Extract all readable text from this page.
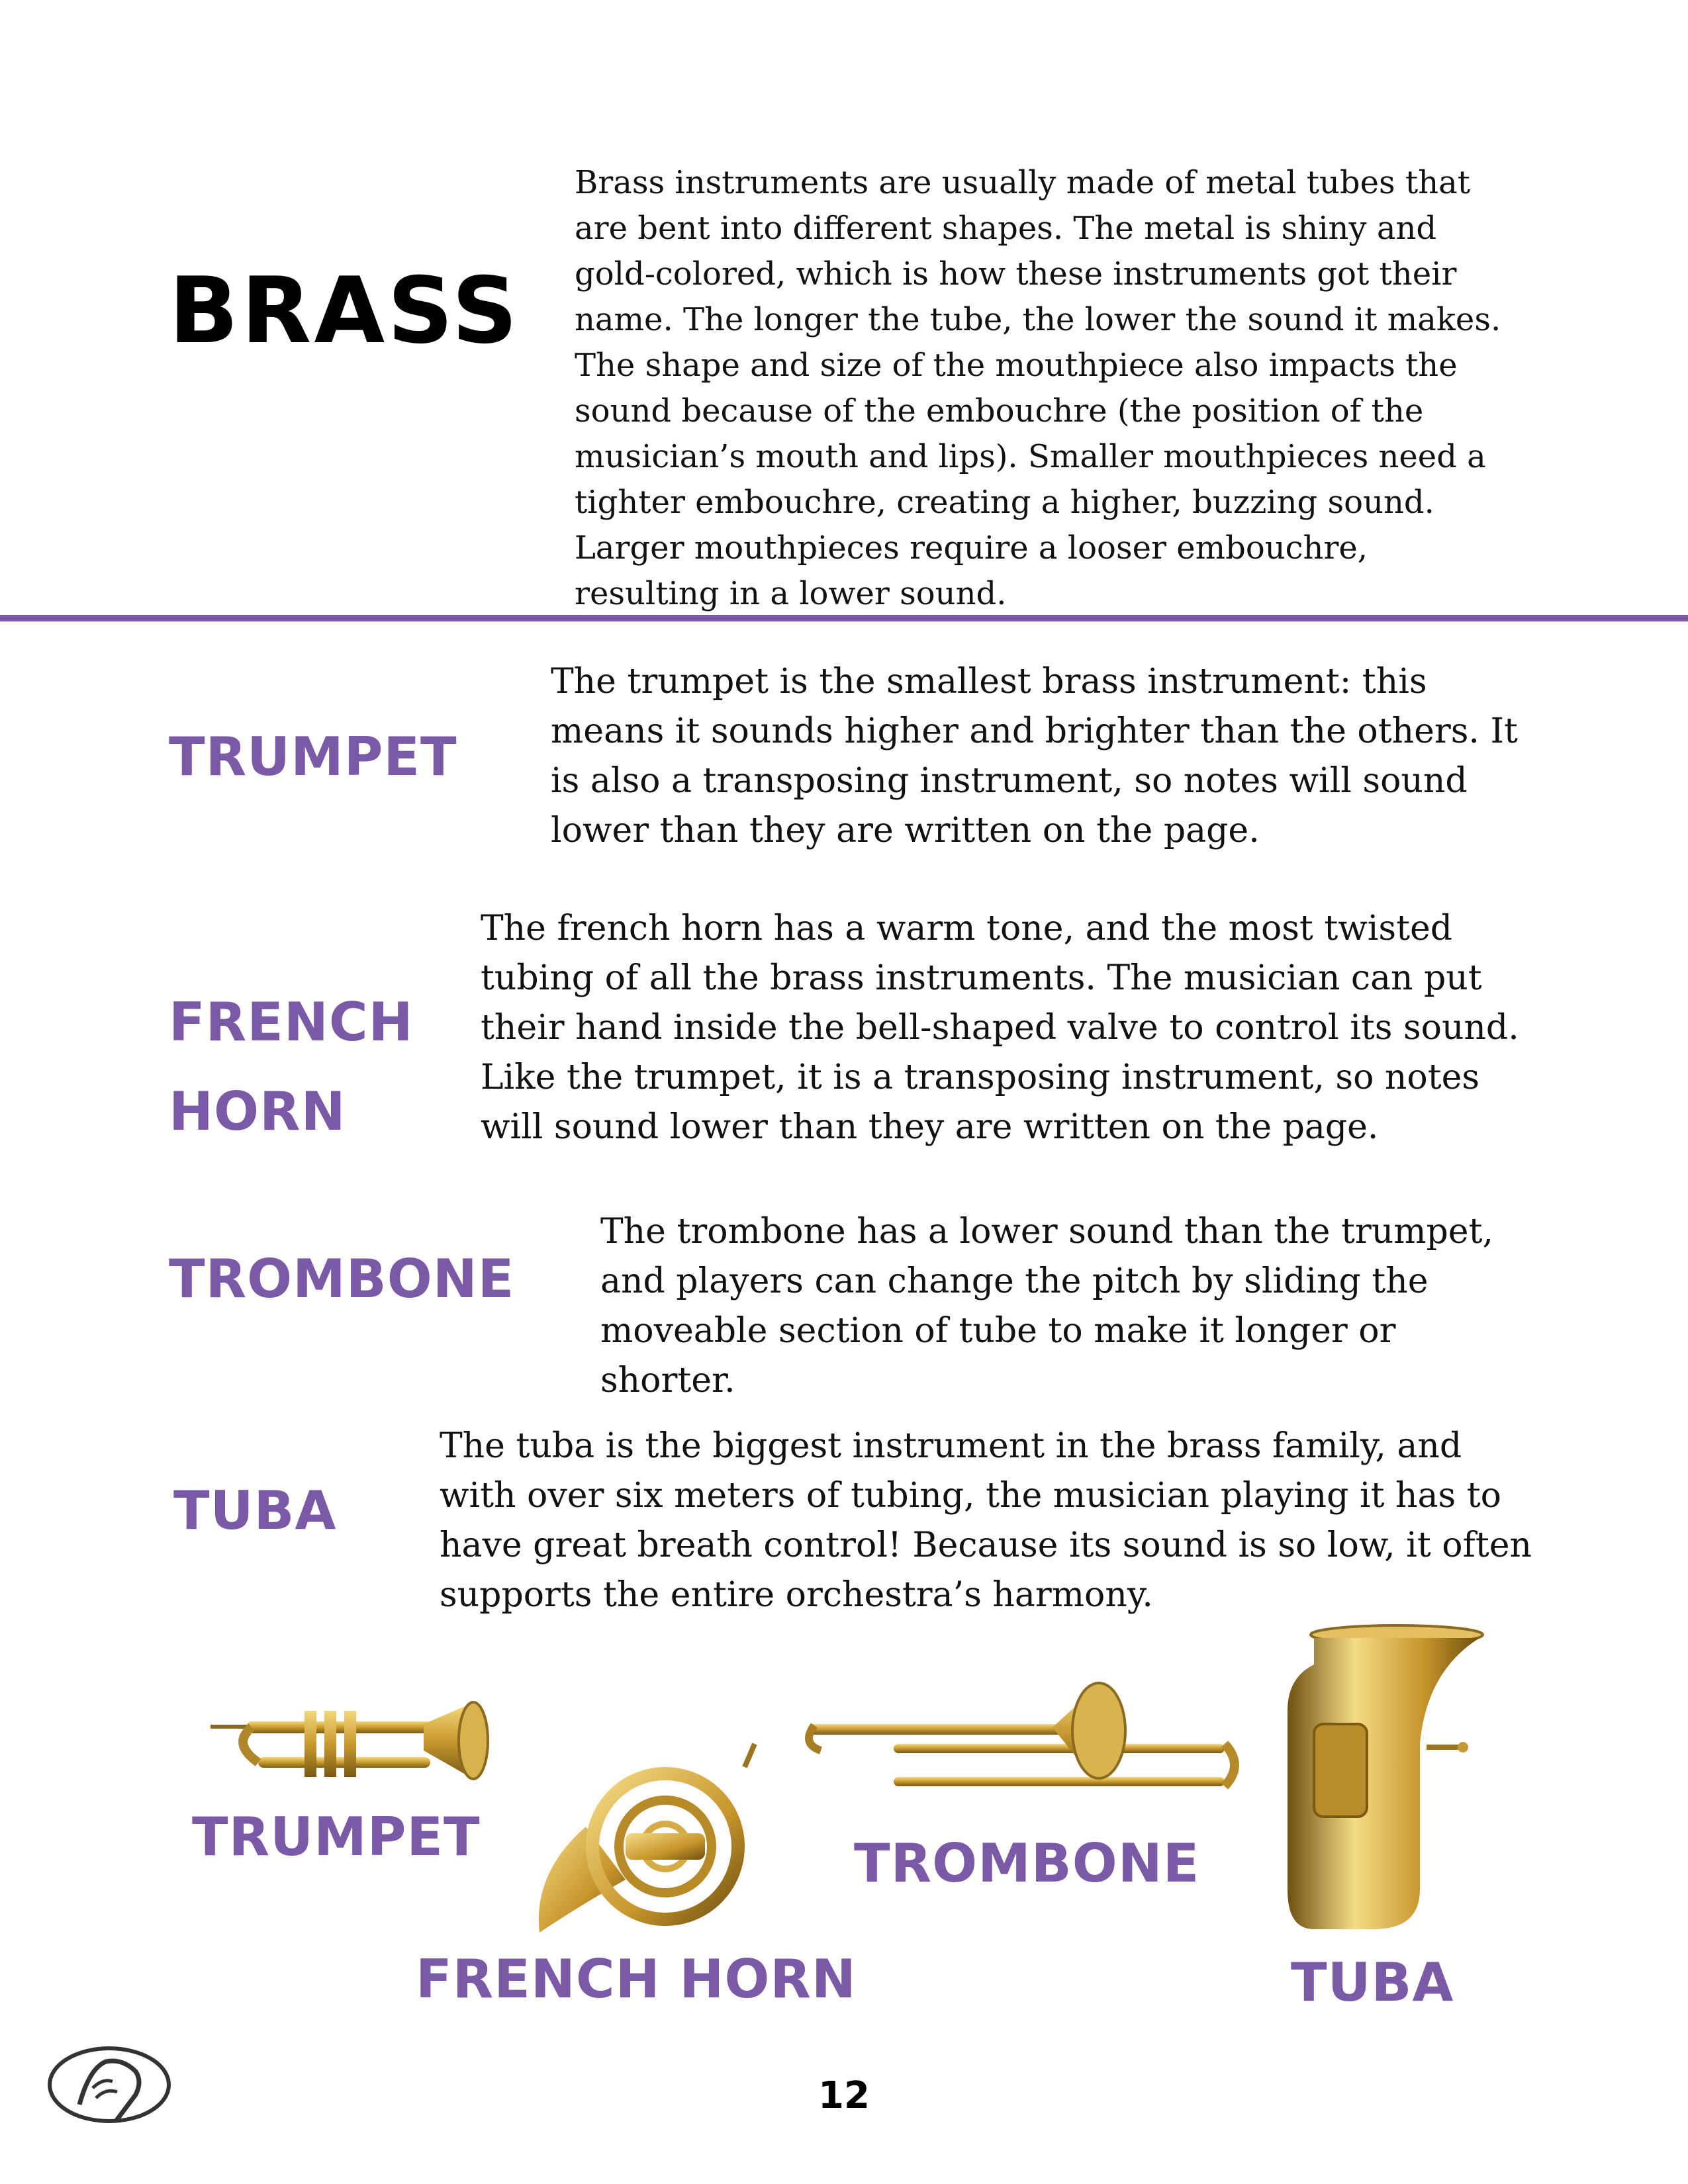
BRASS
Brass instruments are usually made of metal tubes that are bent into different shapes. The metal is shiny and gold-colored, which is how these instruments got their name. The longer the tube, the lower the sound it makes. The shape and size of the mouthpiece also impacts the sound because of the embouchre (the position of the musician’s mouth and lips). Smaller mouthpieces need a tighter embouchre, creating a higher, buzzing sound. Larger mouthpieces require a looser embouchre, resulting in a lower sound.
TRUMPET
The trumpet is the smallest brass instrument: this means it sounds higher and brighter than the others. It is also a transposing instrument, so notes will sound lower than they are written on the page.
FRENCH
HORN
The french horn has a warm tone, and the most twisted tubing of all the brass instruments. The musician can put their hand inside the bell-shaped valve to control its sound. Like the trumpet, it is a transposing instrument, so notes will sound lower than they are written on the page.
TROMBONE
The trombone has a lower sound than the trumpet, and players can change the pitch by sliding the moveable section of tube to make it longer or shorter.
TUBA
The tuba is the biggest instrument in the brass family, and with over six meters of tubing, the musician playing it has to have great breath control! Because its sound is so low, it often supports the entire orchestra’s harmony.
TRUMPET	TROMBONE
FRENCH HORN	TUBA
12
